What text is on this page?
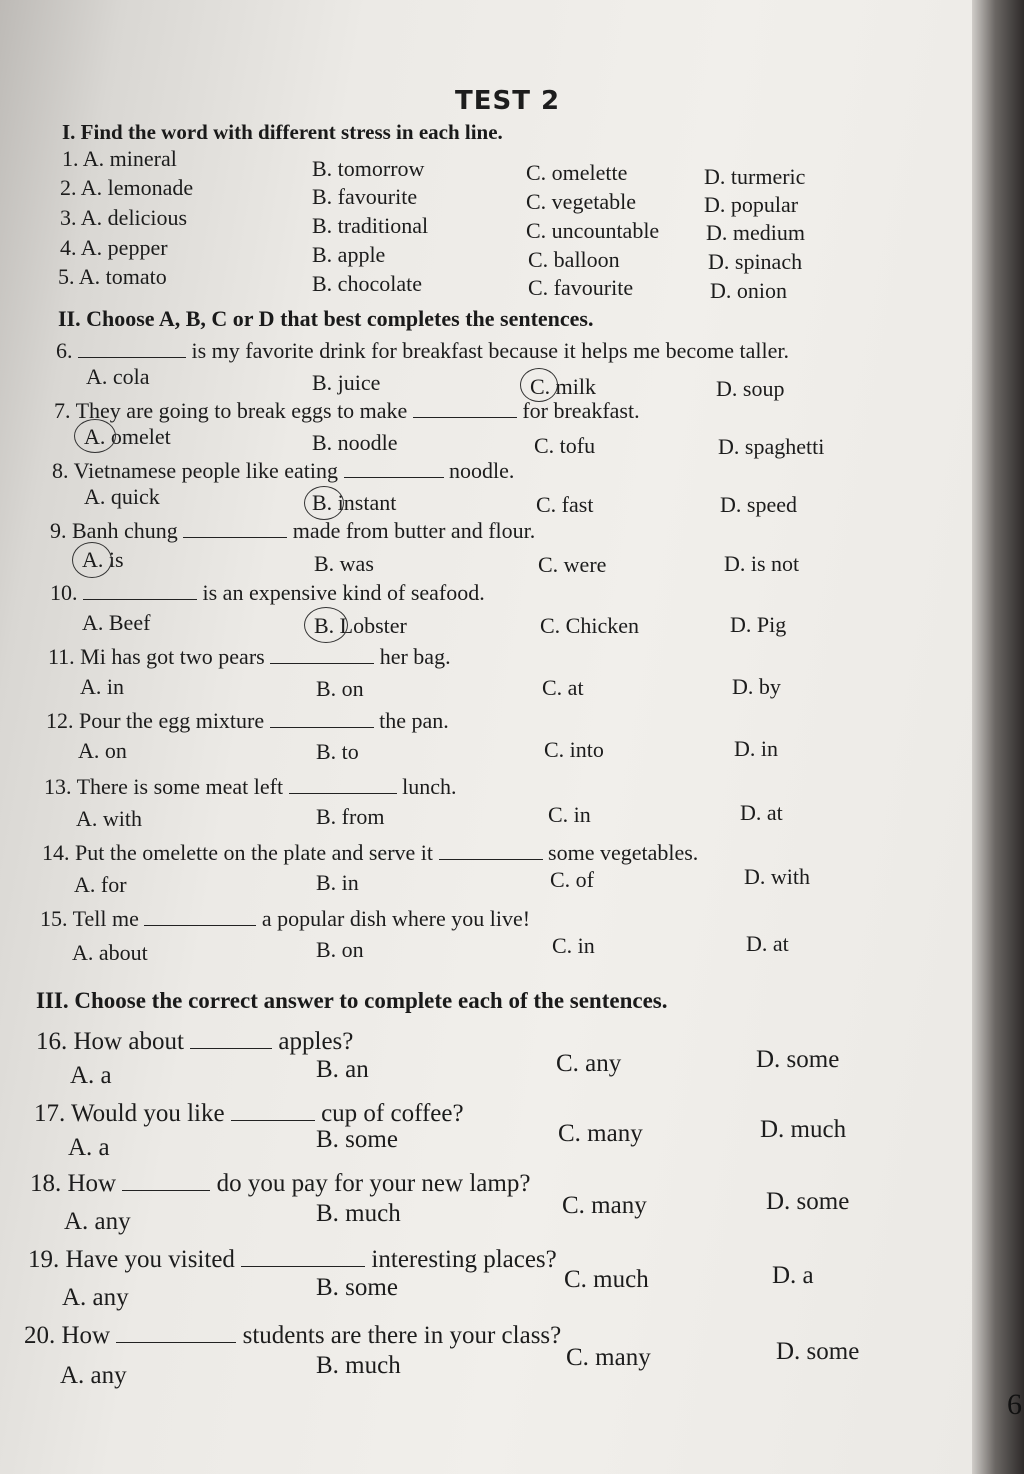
TEST 2
I. Find the word with different stress in each line.
1. A. mineral	B. tomorrow	C. omelette	D. turmeric
2. A. lemonade	B. favourite	C. vegetable	D. popular
3. A. delicious	B. traditional	C. uncountable D. medium
4. A. pepper	B. apple	C. balloon	D. spinach
5. A. tomato	B. chocolate	C. favourite	D. onion
II. Choose A, B, C or D that best completes the sentences.
6.	is my favorite drink for breakfast because it helps me become taller.
A. cola	B. juice	C. milk	D. soup
7. They are going to break eggs to make	for breakfast.
A. omelet	B. noodle	C. tofu	D. spaghetti
8. Vietnamese people like eating	noodle.
A. quick	B. instant	C. fast	D. speed
9. Banh chung	made from butter and flour.
A. is	B. was	C. were	D. is not
10.	is an expensive kind of seafood.
A. Beef	B. Lobster	C. Chicken	D. Pig
11. Mi has got two pears	her bag.
A. in	B. on	C. at	D. by
12. Pour the egg mixture	the pan.
A. on	B. to	C. into	D. in
13. There is some meat left	lunch.
A. with	B. from	C. in	D. at
14. Put the omelette on the plate and serve it	some vegetables.
A. for	B. in	C. of	D. with
15. Tell me	a popular dish where you live!
A. about	B. on	C. in	D. at
III. Choose the correct answer to complete each of the sentences.
16. How about	apples?
A. a	B. an	C. any	D. some
17. Would you like	cup of coffee?
A. a	B. some	C. many	D. much
18. How	do you pay for your new lamp?
A. any	B. much	C. many	D. some
19. Have you visited	interesting places?
A. any	B. some	C. much	D. a
20. How	students are there in your class?
A. any	B. much	C. many	D. some
6
